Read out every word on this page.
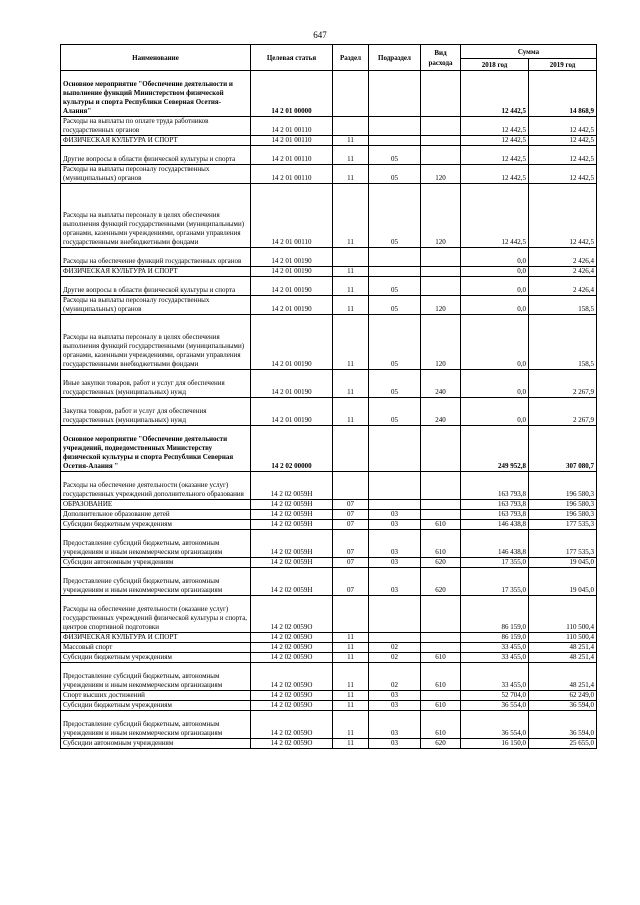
647
Наименование	Целевая статья	Раздел	Подраздел	Вид расхода	Сумма	
					2018 год	2019 год
Основное мероприятие "Обеспечение деятельности и выполнение функций Министерством физической культуры и спорта Республики Северная Осетия-Алания"	14 2 01 00000				12 442,5	14 868,9
Расходы на выплаты по оплате труда работников государственных органов	14 2 01 00110				12 442,5	12 442,5
ФИЗИЧЕСКАЯ КУЛЬТУРА И СПОРТ	14 2 01 00110	11			12 442,5	12 442,5
Другие вопросы в области физической культуры и спорта	14 2 01 00110	11	05		12 442,5	12 442,5
Расходы на выплаты персоналу государственных (муниципальных) органов	14 2 01 00110	11	05	120	12 442,5	12 442,5
Расходы на выплаты персоналу в целях обеспечения выполнения функций государственными (муниципальными) органами, казенными учреждениями, органами управления государственными внебюджетными фондами	14 2 01 00110	11	05	120	12 442,5	12 442,5
Расходы на обеспечение функций государственных органов	14 2 01 00190				0,0	2 426,4
ФИЗИЧЕСКАЯ КУЛЬТУРА И СПОРТ	14 2 01 00190	11			0,0	2 426,4
Другие вопросы в области физической культуры и спорта	14 2 01 00190	11	05		0,0	2 426,4
Расходы на выплаты персоналу государственных (муниципальных) органов	14 2 01 00190	11	05	120	0,0	158,5
Расходы на выплаты персоналу в целях обеспечения выполнения функций государственными (муниципальными) органами, казенными учреждениями, органами управления государственными внебюджетными фондами	14 2 01 00190	11	05	120	0,0	158,5
Иные закупки товаров, работ и услуг для обеспечения государственных (муниципальных) нужд	14 2 01 00190	11	05	240	0,0	2 267,9
Закупка товаров, работ и услуг для обеспечения государственных (муниципальных) нужд	14 2 01 00190	11	05	240	0,0	2 267,9
Основное мероприятие "Обеспечение деятельности учреждений, подведомственных Министерству физической культуры и спорта Республики Северная Осетия-Алания "	14 2 02 00000				249 952,8	307 080,7
Расходы на обеспечение деятельности (оказание услуг) государственных учреждений дополнительного образования	14 2 02 0059Н				163 793,8	196 580,3
ОБРАЗОВАНИЕ	14 2 02 0059Н	07			163 793,8	196 580,3
Дополнительное образование детей	14 2 02 0059Н	07	03		163 793,8	196 580,3
Субсидии бюджетным учреждениям	14 2 02 0059Н	07	03	610	146 438,8	177 535,3
Предоставление субсидий бюджетным, автономным учреждениям и иным некоммерческим организациям	14 2 02 0059Н	07	03	610	146 438,8	177 535,3
Субсидии автономным учреждениям	14 2 02 0059Н	07	03	620	17 355,0	19 045,0
Предоставление субсидий бюджетным, автономным учреждениям и иным некоммерческим организациям	14 2 02 0059Н	07	03	620	17 355,0	19 045,0
Расходы на обеспечение деятельности (оказание услуг) государственных учреждений физической культуры и спорта, центров спортивной подготовки	14 2 02 0059О				86 159,0	110 500,4
ФИЗИЧЕСКАЯ КУЛЬТУРА И СПОРТ	14 2 02 0059О	11			86 159,0	110 500,4
Массовый спорт	14 2 02 0059О	11	02		33 455,0	48 251,4
Субсидии бюджетным учреждениям	14 2 02 0059О	11	02	610	33 455,0	48 251,4
Предоставление субсидий бюджетным, автономным учреждениям и иным некоммерческим организациям	14 2 02 0059О	11	02	610	33 455,0	48 251,4
Спорт высших достижений	14 2 02 0059О	11	03		52 704,0	62 249,0
Субсидии бюджетным учреждениям	14 2 02 0059О	11	03	610	36 554,0	36 594,0
Предоставление субсидий бюджетным, автономным учреждениям и иным некоммерческим организациям	14 2 02 0059О	11	03	610	36 554,0	36 594,0
Субсидии автономным учреждениям	14 2 02 0059О	11	03	620	16 150,0	25 655,0
